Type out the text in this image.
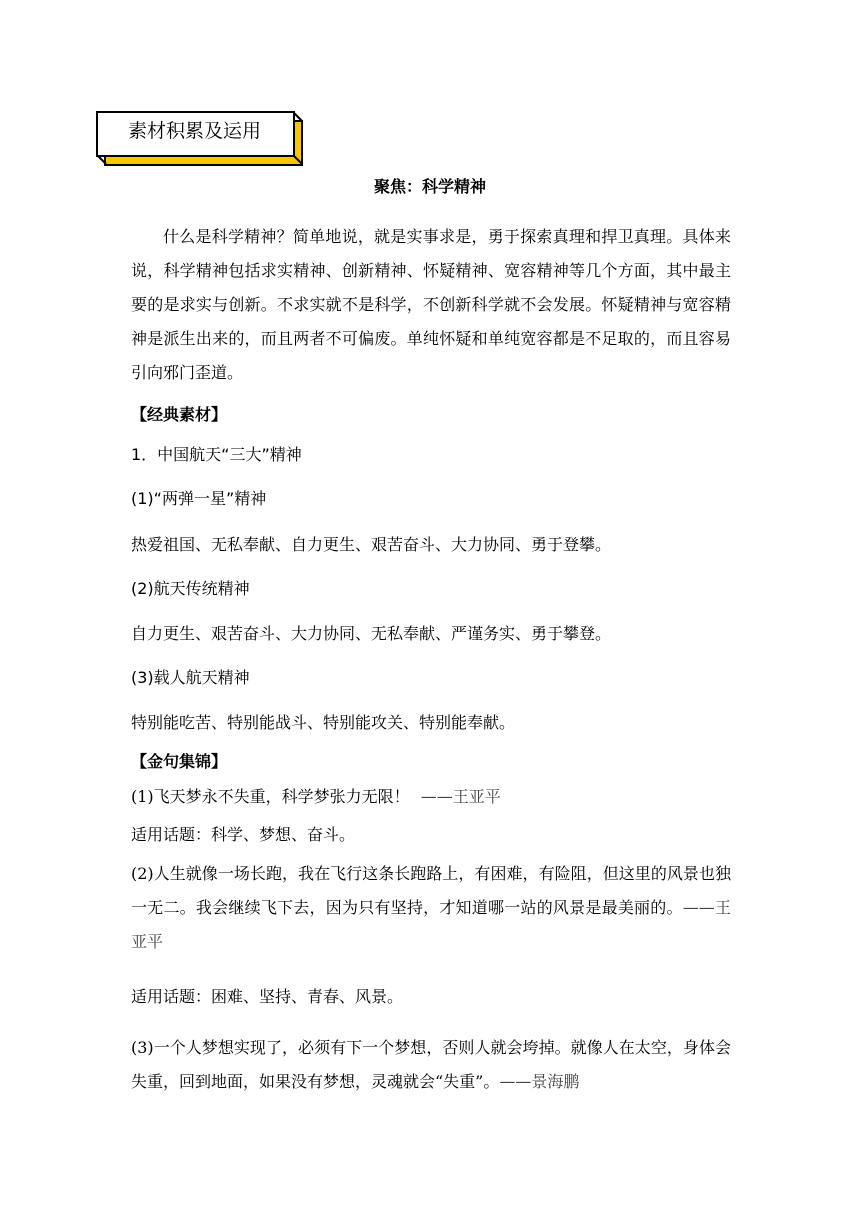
素材积累及运用
聚焦：科学精神

什么是科学精神？简单地说，就是实事求是，勇于探索真理和捍卫真理。具体来说，科学精神包括求实精神、创新精神、怀疑精神、宽容精神等几个方面，其中最主要的是求实与创新。不求实就不是科学，不创新科学就不会发展。怀疑精神与宽容精神是派生出来的，而且两者不可偏废。单纯怀疑和单纯宽容都是不足取的，而且容易引向邪门歪道。

【经典素材】
1．中国航天“三大”精神
(1)“两弹一星”精神
热爱祖国、无私奉献、自力更生、艰苦奋斗、大力协同、勇于登攀。
(2)航天传统精神
自力更生、艰苦奋斗、大力协同、无私奉献、严谨务实、勇于攀登。
(3)载人航天精神
特别能吃苦、特别能战斗、特别能攻关、特别能奉献。
【金句集锦】
(1)飞天梦永不失重，科学梦张力无限！ ——王亚平
适用话题：科学、梦想、奋斗。

(2)人生就像一场长跑，我在飞行这条长跑路上，有困难，有险阻，但这里的风景也独一无二。我会继续飞下去，因为只有坚持，才知道哪一站的风景是最美丽的。——王亚平

适用话题：困难、坚持、青春、风景。

(3)一个人梦想实现了，必须有下一个梦想，否则人就会垮掉。就像人在太空，身体会失重，回到地面，如果没有梦想，灵魂就会“失重”。——景海鹏
